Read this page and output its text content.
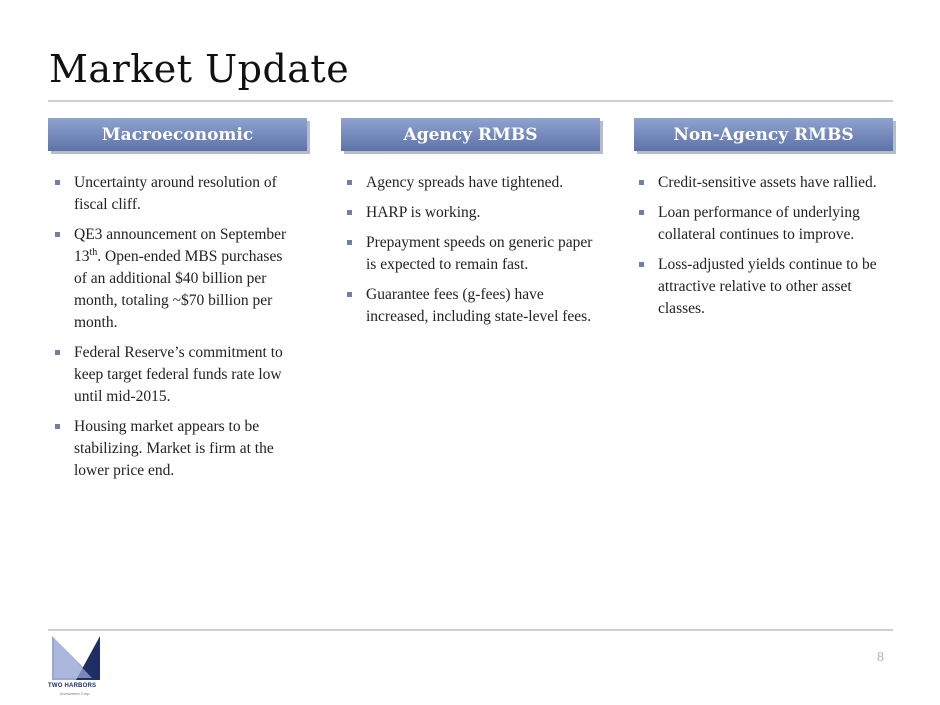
Market Update
Macroeconomic	Agency RMBS	Non-Agency RMBS
Uncertainty around resolution of fiscal cliff.
QE3 announcement on September 13th. Open-ended MBS purchases of an additional $40 billion per month, totaling ~$70 billion per month.
Federal Reserve’s commitment to keep target federal funds rate low until mid-2015.
Housing market appears to be stabilizing. Market is firm at the lower price end.
Agency spreads have tightened.
HARP is working.
Prepayment speeds on generic paper is expected to remain fast.
Guarantee fees (g-fees) have increased, including state-level fees.
Credit-sensitive assets have rallied.
Loan performance of underlying collateral continues to improve.
Loss-adjusted yields continue to be attractive relative to other asset classes.
TWO HARBORS
Investment Corp.
8
